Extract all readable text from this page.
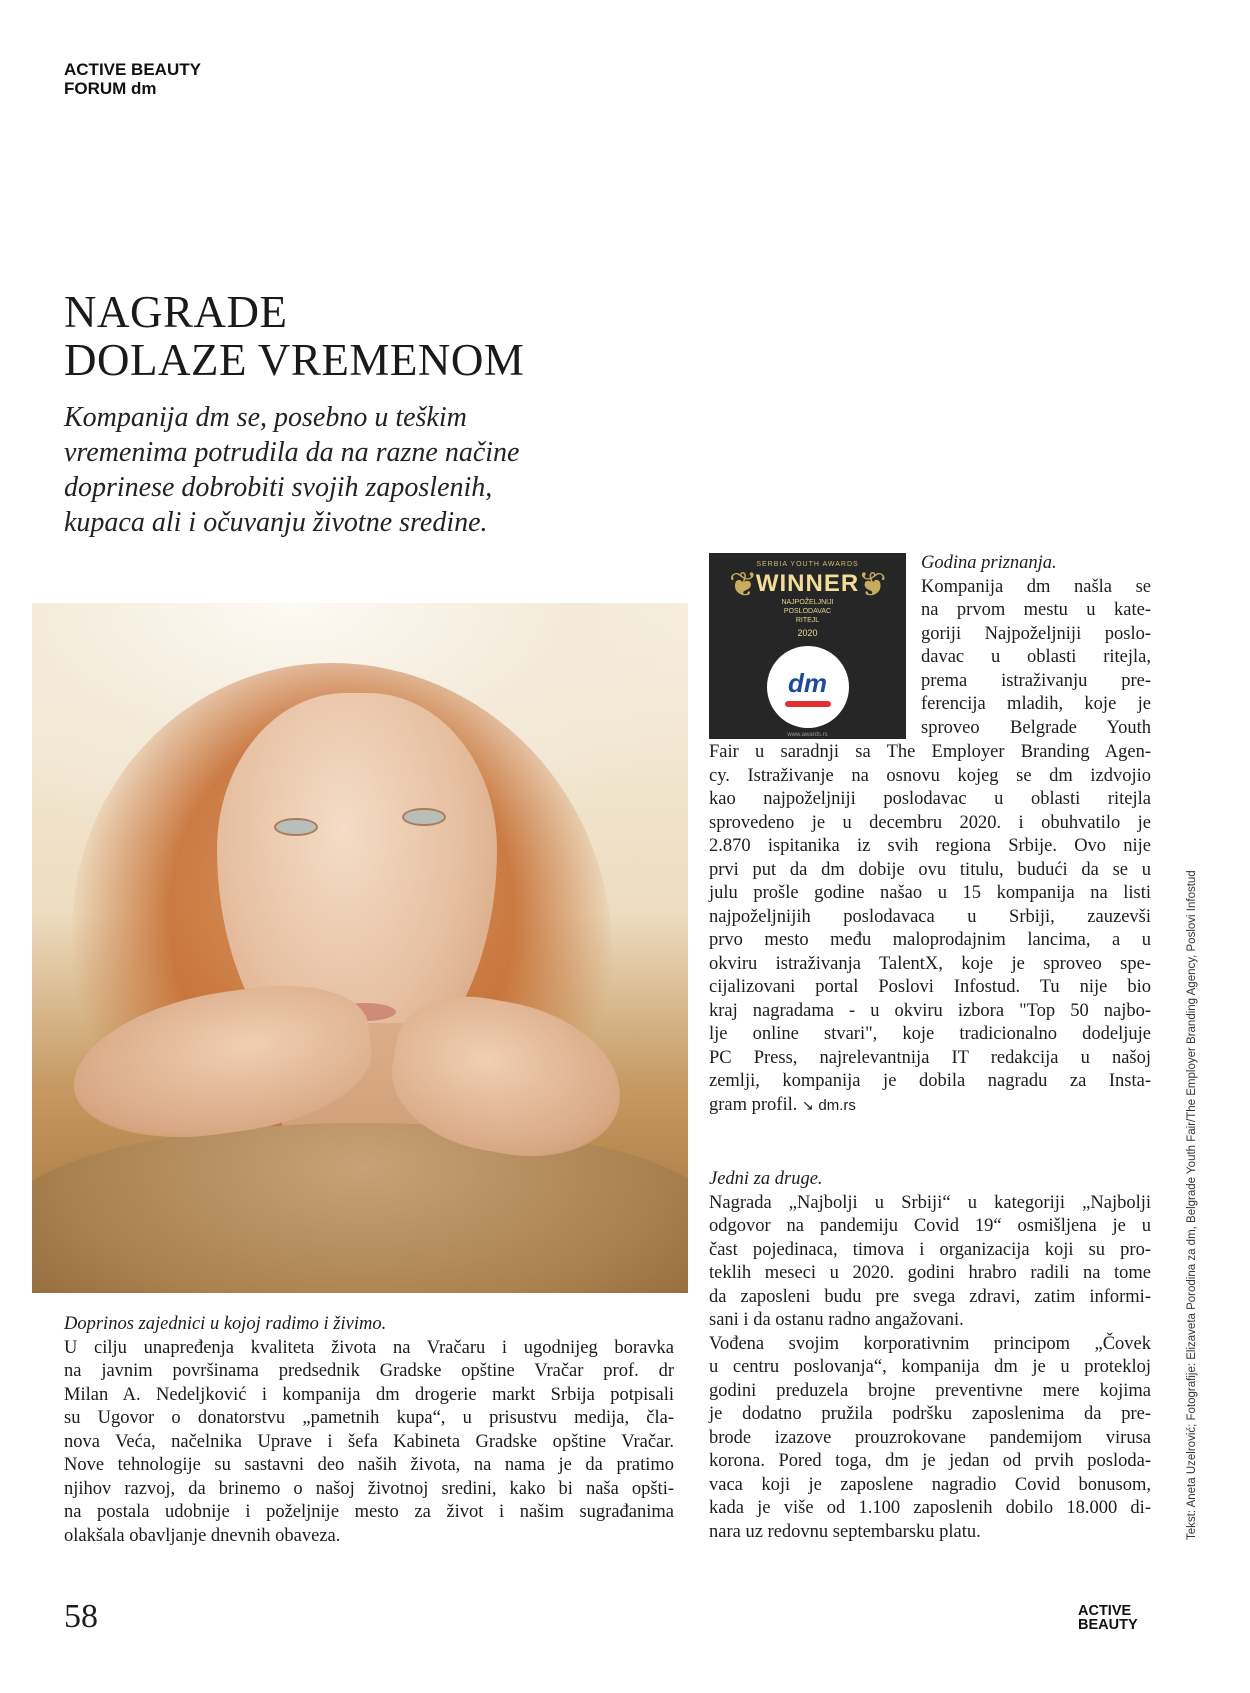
ACTIVE BEAUTY
FORUM dm
NAGRADE
DOLAZE VREMENOM
Kompanija dm se, posebno u teškim
vremenima potrudila da na razne načine
doprinese dobrobiti svojih zaposlenih,
kupaca ali i očuvanju životne sredine.
❦	❦
SERBIA YOUTH AWARDS
WINNER
NAJPOŽELJNIJI
POSLODAVAC
RITEJL
2020
dm
www.awards.rs
Godina priznanja.
Kompanija dm našla se
na prvom mestu u kate-
goriji Najpoželjniji poslo-
davac u oblasti ritejla,
prema istraživanju pre-
ferencija mladih, koje je
sproveo Belgrade Youth
Fair u saradnji sa The Employer Branding Agen-
cy. Istraživanje na osnovu kojeg se dm izdvojio
kao najpoželjniji poslodavac u oblasti ritejla
sprovedeno je u decembru 2020. i obuhvatilo je
2.870 ispitanika iz svih regiona Srbije. Ovo nije
prvi put da dm dobije ovu titulu, budući da se u
julu prošle godine našao u 15 kompanija na listi
najpoželjnijih poslodavaca u Srbiji, zauzevši
prvo mesto među maloprodajnim lancima, a u
okviru istraživanja TalentX, koje je sproveo spe-
cijalizovani portal Poslovi Infostud. Tu nije bio
kraj nagradama - u okviru izbora "Top 50 najbo-
lje online stvari", koje tradicionalno dodeljuje
PC Press, najrelevantnija IT redakcija u našoj
zemlji, kompanija je dobila nagradu za Insta-
gram profil. ↘ dm.rs
Jedni za druge.
Nagrada „Najbolji u Srbiji“ u kategoriji „Najbolji
odgovor na pandemiju Covid 19“ osmišljena je u
čast pojedinaca, timova i organizacija koji su pro-
teklih meseci u 2020. godini hrabro radili na tome
da zaposleni budu pre svega zdravi, zatim informi-
sani i da ostanu radno angažovani.
Vođena svojim korporativnim principom „Čovek
u centru poslovanja“, kompanija dm je u protekloj
godini preduzela brojne preventivne mere kojima
je dodatno pružila podršku zaposlenima da pre-
brode izazove prouzrokovane pandemijom virusa
korona. Pored toga, dm je jedan od prvih posloda-
vaca koji je zaposlene nagradio Covid bonusom,
kada je više od 1.100 zaposlenih dobilo 18.000 di-
nara uz redovnu septembarsku platu.
Doprinos zajednici u kojoj radimo i živimo.
U cilju unapređenja kvaliteta života na Vračaru i ugodnijeg boravka
na javnim površinama predsednik Gradske opštine Vračar prof. dr
Milan A. Nedeljković i kompanija dm drogerie markt Srbija potpisali
su Ugovor o donatorstvu „pametnih kupa“, u prisustvu medija, čla-
nova Veća, načelnika Uprave i šefa Kabineta Gradske opštine Vračar.
Nove tehnologije su sastavni deo naših života, na nama je da pratimo
njihov razvoj, da brinemo o našoj životnoj sredini, kako bi naša opšti-
na postala udobnije i poželjnije mesto za život i našim sugrađanima
olakšala obavljanje dnevnih obaveza.	Tekst: Aneta Uzelrović; Fotografije: Elizaveta Porodina za dm, Belgrade Youth Fair/The Employer Branding Agency, Poslovi Infostud
58	ACTIVE
BEAUTY
